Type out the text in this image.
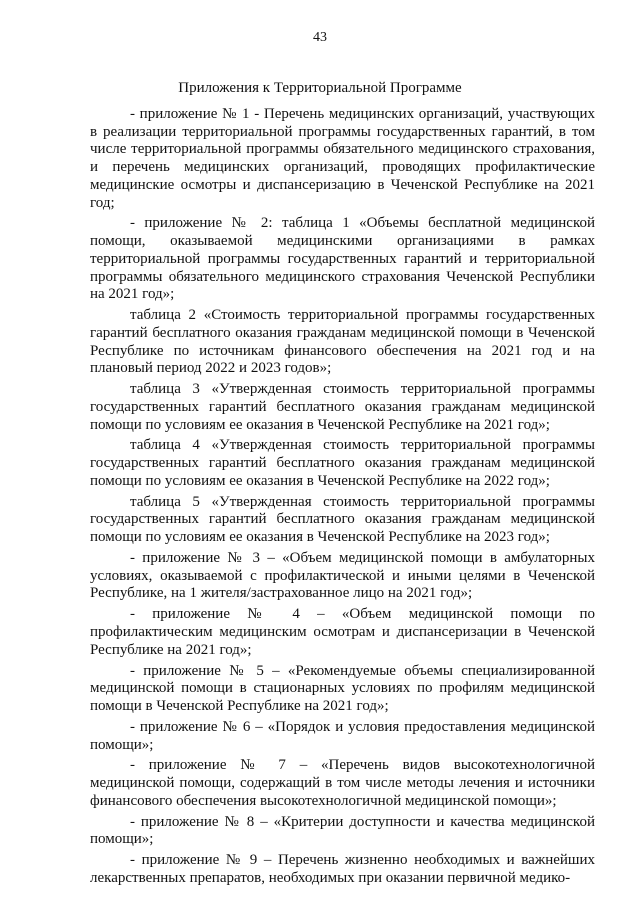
43
Приложения к Территориальной Программе

- приложение № 1 - Перечень медицинских организаций, участвующих в реализации территориальной программы государственных гарантий, в том числе территориальной программы обязательного медицинского страхования, и перечень медицинских организаций, проводящих профилактические медицинские осмотры и диспансеризацию в Чеченской Республике на 2021 год;

- приложение № 2: таблица 1 «Объемы бесплатной медицинской помощи, оказываемой медицинскими организациями в рамках территориальной программы государственных гарантий и территориальной программы обязательного медицинского страхования Чеченской Республики на 2021 год»;

таблица 2 «Стоимость территориальной программы государственных гарантий бесплатного оказания гражданам медицинской помощи в Чеченской Республике по источникам финансового обеспечения на 2021 год и на плановый период 2022 и 2023 годов»;

таблица 3 «Утвержденная стоимость территориальной программы государственных гарантий бесплатного оказания гражданам медицинской помощи по условиям ее оказания в Чеченской Республике на 2021 год»;

таблица 4 «Утвержденная стоимость территориальной программы государственных гарантий бесплатного оказания гражданам медицинской помощи по условиям ее оказания в Чеченской Республике на 2022 год»;

таблица 5 «Утвержденная стоимость территориальной программы государственных гарантий бесплатного оказания гражданам медицинской помощи по условиям ее оказания в Чеченской Республике на 2023 год»;

- приложение № 3 – «Объем медицинской помощи в амбулаторных условиях, оказываемой с профилактической и иными целями в Чеченской Республике, на 1 жителя/застрахованное лицо на 2021 год»;

- приложение № 4 – «Объем медицинской помощи по профилактическим медицинским осмотрам и диспансеризации в Чеченской Республике на 2021 год»;

- приложение № 5 – «Рекомендуемые объемы специализированной медицинской помощи в стационарных условиях по профилям медицинской помощи в Чеченской Республике на 2021 год»;

- приложение № 6 – «Порядок и условия предоставления медицинской помощи»;

- приложение № 7 – «Перечень видов высокотехнологичной медицинской помощи, содержащий в том числе методы лечения и источники финансового обеспечения высокотехнологичной медицинской помощи»;

- приложение № 8 – «Критерии доступности и качества медицинской помощи»;

- приложение № 9 – Перечень жизненно необходимых и важнейших лекарственных препаратов, необходимых при оказании первичной медико-
